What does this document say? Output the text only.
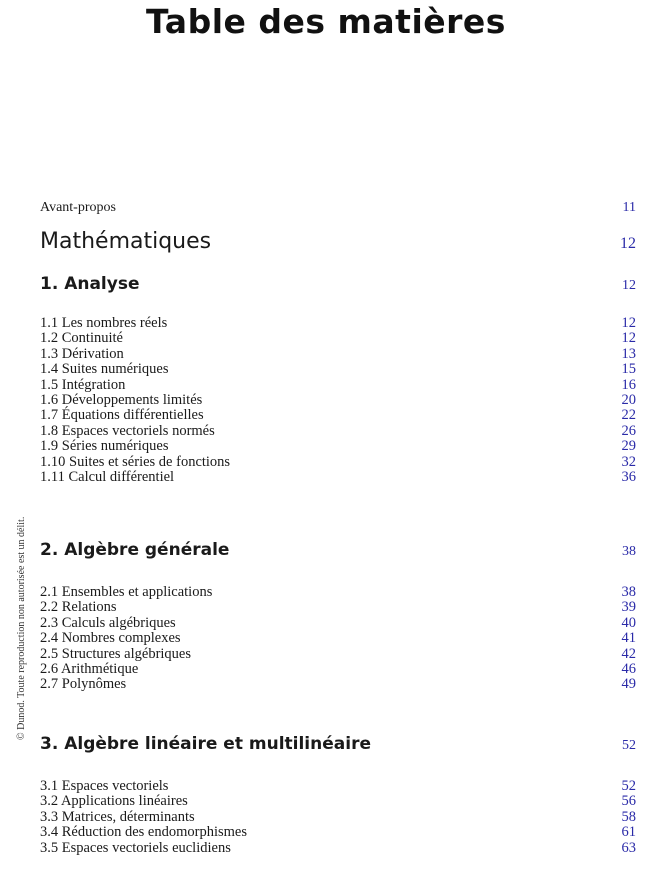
Table des matières
© Dunod. Toute reproduction non autorisée est un délit.
Avant-propos	11
Mathématiques	12
1. Analyse	12
1.1 Les nombres réels	12
1.2 Continuité	12
1.3 Dérivation	13
1.4 Suites numériques	15
1.5 Intégration	16
1.6 Développements limités	20
1.7 Équations différentielles	22
1.8 Espaces vectoriels normés	26
1.9 Séries numériques	29
1.10 Suites et séries de fonctions	32
1.11 Calcul différentiel	36
2. Algèbre générale	38
2.1 Ensembles et applications	38
2.2 Relations	39
2.3 Calculs algébriques	40
2.4 Nombres complexes	41
2.5 Structures algébriques	42
2.6 Arithmétique	46
2.7 Polynômes	49
3. Algèbre linéaire et multilinéaire	52
3.1 Espaces vectoriels	52
3.2 Applications linéaires	56
3.3 Matrices, déterminants	58
3.4 Réduction des endomorphismes	61
3.5 Espaces vectoriels euclidiens	63
